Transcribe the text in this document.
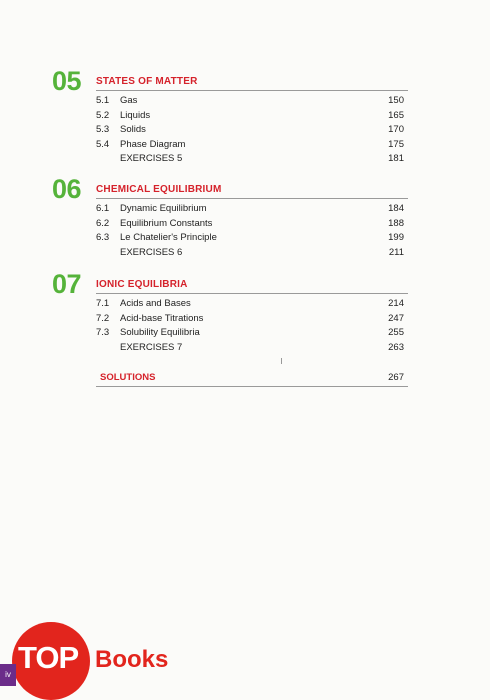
05 STATES OF MATTER
5.1 Gas	150
5.2 Liquids	165
5.3 Solids	170
5.4 Phase Diagram	175
EXERCISES 5	181
06 CHEMICAL EQUILIBRIUM
6.1 Dynamic Equilibrium	184
6.2 Equilibrium Constants	188
6.3 Le Chatelier's Principle	199
EXERCISES 6	211
07 IONIC EQUILIBRIA
7.1 Acids and Bases	214
7.2 Acid-base Titrations	247
7.3 Solubility Equilibria	255
EXERCISES 7	263
SOLUTIONS	267
TOP Books
iv
